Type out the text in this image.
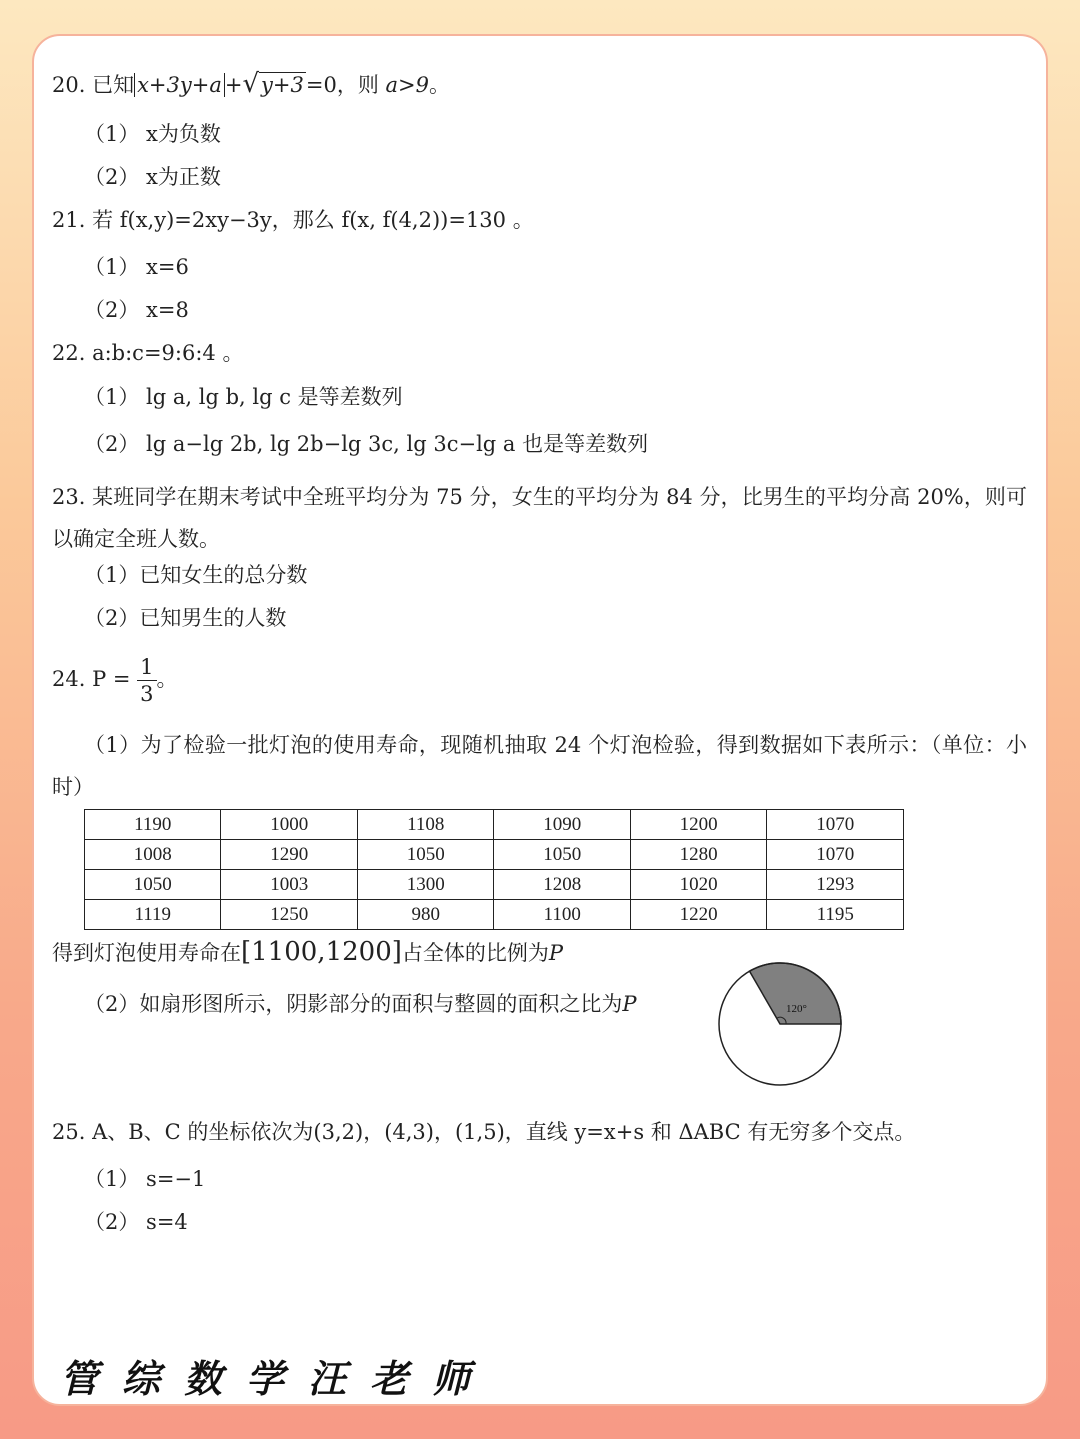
20. 已知 x+3y+a +√y+3=0，则 a>9。
（1） x为负数
（2） x为正数
21. 若 f(x,y)=2xy−3y，那么 f(x, f(4,2))=130 。
（1） x=6
（2） x=8
22. a:b:c=9:6:4 。
（1） lg a, lg b, lg c 是等差数列
（2） lg a−lg 2b, lg 2b−lg 3c, lg 3c−lg a 也是等差数列
23. 某班同学在期末考试中全班平均分为 75 分，女生的平均分为 84 分，比男生的平均分高 20%，则可以确定全班人数。
（1）已知女生的总分数
（2）已知男生的人数
24. $P = \frac{1}{3}$ 。
（1）为了检验一批灯泡的使用寿命，现随机抽取 24 个灯泡检验，得到数据如下表所示：（单位：小时）
1190	1000	1108	1090	1200	1070
1008	1290	1050	1050	1280	1070
1050	1003	1300	1208	1020	1293
1119	1250	980	1100	1220	1195
得到灯泡使用寿命在[1100,1200]占全体的比例为P
（2）如扇形图所示，阴影部分的面积与整圆的面积之比为P	120°
25. A、B、C 的坐标依次为(3,2)，(4,3)，(1,5)，直线 y=x+s 和 ΔABC 有无穷多个交点。
（1） s=−1
（2） s=4
管综数学汪老师
